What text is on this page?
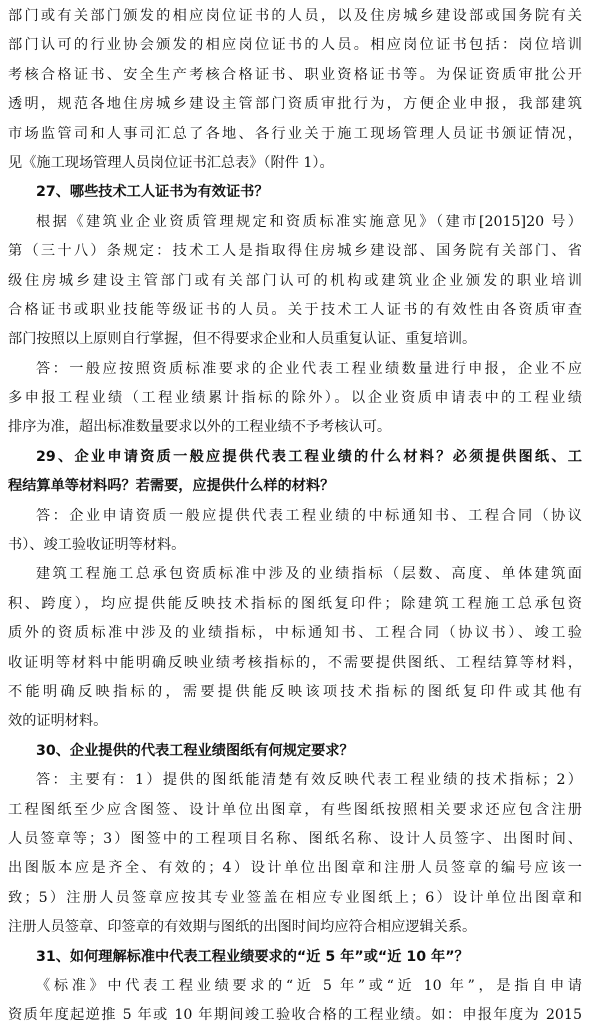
部门或有关部门颁发的相应岗位证书的人员，以及住房城乡建设部或国务院有关
部门认可的行业协会颁发的相应岗位证书的人员。相应岗位证书包括：岗位培训
考核合格证书、安全生产考核合格证书、职业资格证书等。为保证资质审批公开
透明，规范各地住房城乡建设主管部门资质审批行为，方便企业申报，我部建筑
市场监管司和人事司汇总了各地、各行业关于施工现场管理人员证书颁证情况，
见《施工现场管理人员岗位证书汇总表》（附件 1）。
27、哪些技术工人证书为有效证书？
根据《建筑业企业资质管理规定和资质标准实施意见》（建市[2015]20 号）
第（三十八）条规定：技术工人是指取得住房城乡建设部、国务院有关部门、省
级住房城乡建设主管部门或有关部门认可的机构或建筑业企业颁发的职业培训
合格证书或职业技能等级证书的人员。关于技术工人证书的有效性由各资质审查
部门按照以上原则自行掌握，但不得要求企业和人员重复认证、重复培训。
答：一般应按照资质标准要求的企业代表工程业绩数量进行申报，企业不应
多申报工程业绩（工程业绩累计指标的除外）。以企业资质申请表中的工程业绩
排序为准，超出标准数量要求以外的工程业绩不予考核认可。
29、企业申请资质一般应提供代表工程业绩的什么材料？必须提供图纸、工
程结算单等材料吗？若需要，应提供什么样的材料？
答：企业申请资质一般应提供代表工程业绩的中标通知书、工程合同（协议
书）、竣工验收证明等材料。
建筑工程施工总承包资质标准中涉及的业绩指标（层数、高度、单体建筑面
积、跨度），均应提供能反映技术指标的图纸复印件；除建筑工程施工总承包资
质外的资质标准中涉及的业绩指标，中标通知书、工程合同（协议书）、竣工验
收证明等材料中能明确反映业绩考核指标的，不需要提供图纸、工程结算等材料，
不能明确反映指标的，需要提供能反映该项技术指标的图纸复印件或其他有
效的证明材料。
30、企业提供的代表工程业绩图纸有何规定要求？
答：主要有：1）提供的图纸能清楚有效反映代表工程业绩的技术指标；2）
工程图纸至少应含图签、设计单位出图章，有些图纸按照相关要求还应包含注册
人员签章等；3）图签中的工程项目名称、图纸名称、设计人员签字、出图时间、
出图版本应是齐全、有效的；4）设计单位出图章和注册人员签章的编号应该一
致；5）注册人员签章应按其专业签盖在相应专业图纸上；6）设计单位出图章和
注册人员签章、印签章的有效期与图纸的出图时间均应符合相应逻辑关系。
31、如何理解标准中代表工程业绩要求的“近 5 年”或“近 10 年”？
《标准》中代表工程业绩要求的“近 5 年”或“近 10 年”，是指自申请
资质年度起逆推 5 年或 10 年期间竣工验收合格的工程业绩。如：申报年度为 2015
